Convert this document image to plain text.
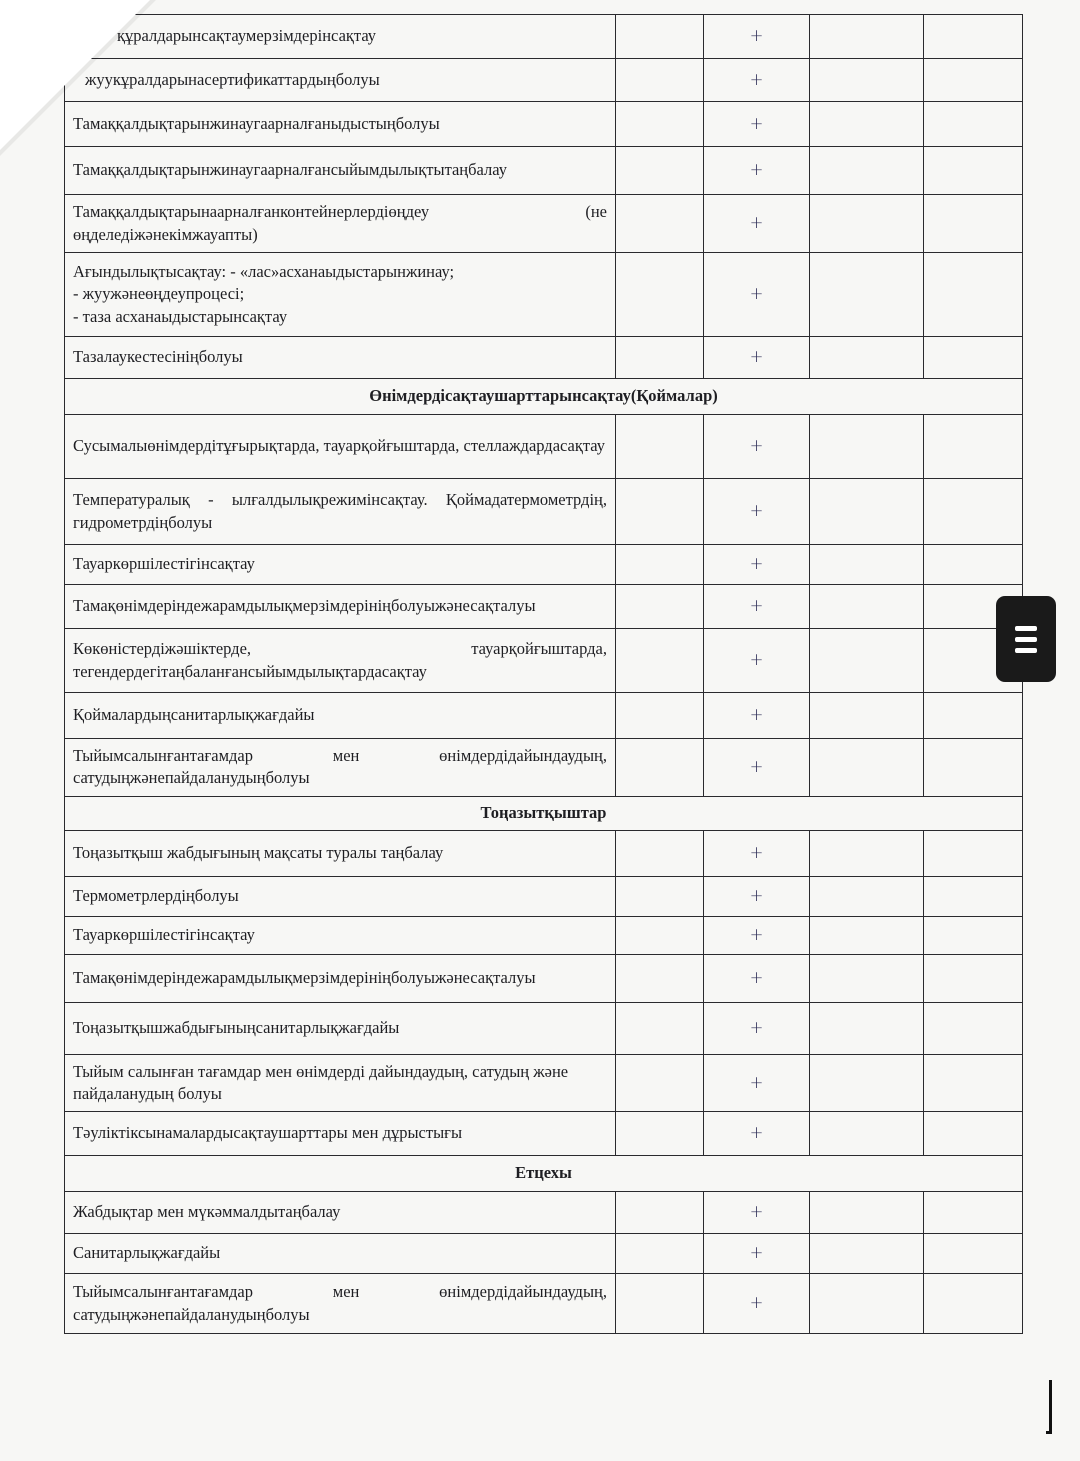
құралдарынсақтаумерзімдерінсақтау		+		
жуукұралдарынасертификаттардыңболуы		+		
Тамаққалдықтарынжинаугаарналғаныдыстыңболуы		+		
Тамаққалдықтарынжинаугаарналғансыйымдылықтытаңбалау		+		
Тамаққалдықтарынаарналғанконтейнерлердіөңдеу (не өңделедіжәнекімжауапты)		+		
Ағындылықтысақтау: - «лас»асханаыдыстарынжинау;
- жуужәнеөңдеупроцесі;
- таза асханаыдыстарынсақтау		+		
Тазалаукестесініңболуы		+		
Өнімдердісақтаушарттарынсақтау(Қоймалар)				
Сусымалыөнімдердітұғырықтарда, тауарқойғыштарда, стеллаждардасақтау		+		
Температуралық - ылғалдылықрежимінсақтау. Қоймадатермометрдің, гидрометрдіңболуы		+		
Тауаркөршілестігінсақтау		+		
Тамақөнімдеріндежарамдылықмерзімдерініңболуыжәнесақталуы		+		
Көкөністердіжәшіктерде, тауарқойғыштарда, тегендердегітаңбаланғансыйымдылықтардасақтау		+		
Қоймалардыңсанитарлықжағдайы		+		
Тыйымсалынғантағамдар мен өнімдердідайындаудың, сатудыңжәнепайдаланудыңболуы		+		
Тоңазытқыштар				
Тоңазытқыш жабдығының мақсаты туралы таңбалау		+		
Термометрлердіңболуы		+		
Тауаркөршілестігінсақтау		+		
Тамақөнімдеріндежарамдылықмерзімдерініңболуыжәнесақталуы		+		
Тоңазытқышжабдығыныңсанитарлықжағдайы		+		
Тыйым салынған тағамдар мен өнімдерді дайындаудың, сатудың және пайдаланудың болуы		+		
Тәуліктіксынамалардысақтаушарттары мен дұрыстығы		+		
Етцехы				
Жабдықтар мен мүкәммалдытаңбалау		+		
Санитарлықжағдайы		+		
Тыйымсалынғантағамдар мен өнімдердідайындаудың, сатудыңжәнепайдаланудыңболуы		+		
